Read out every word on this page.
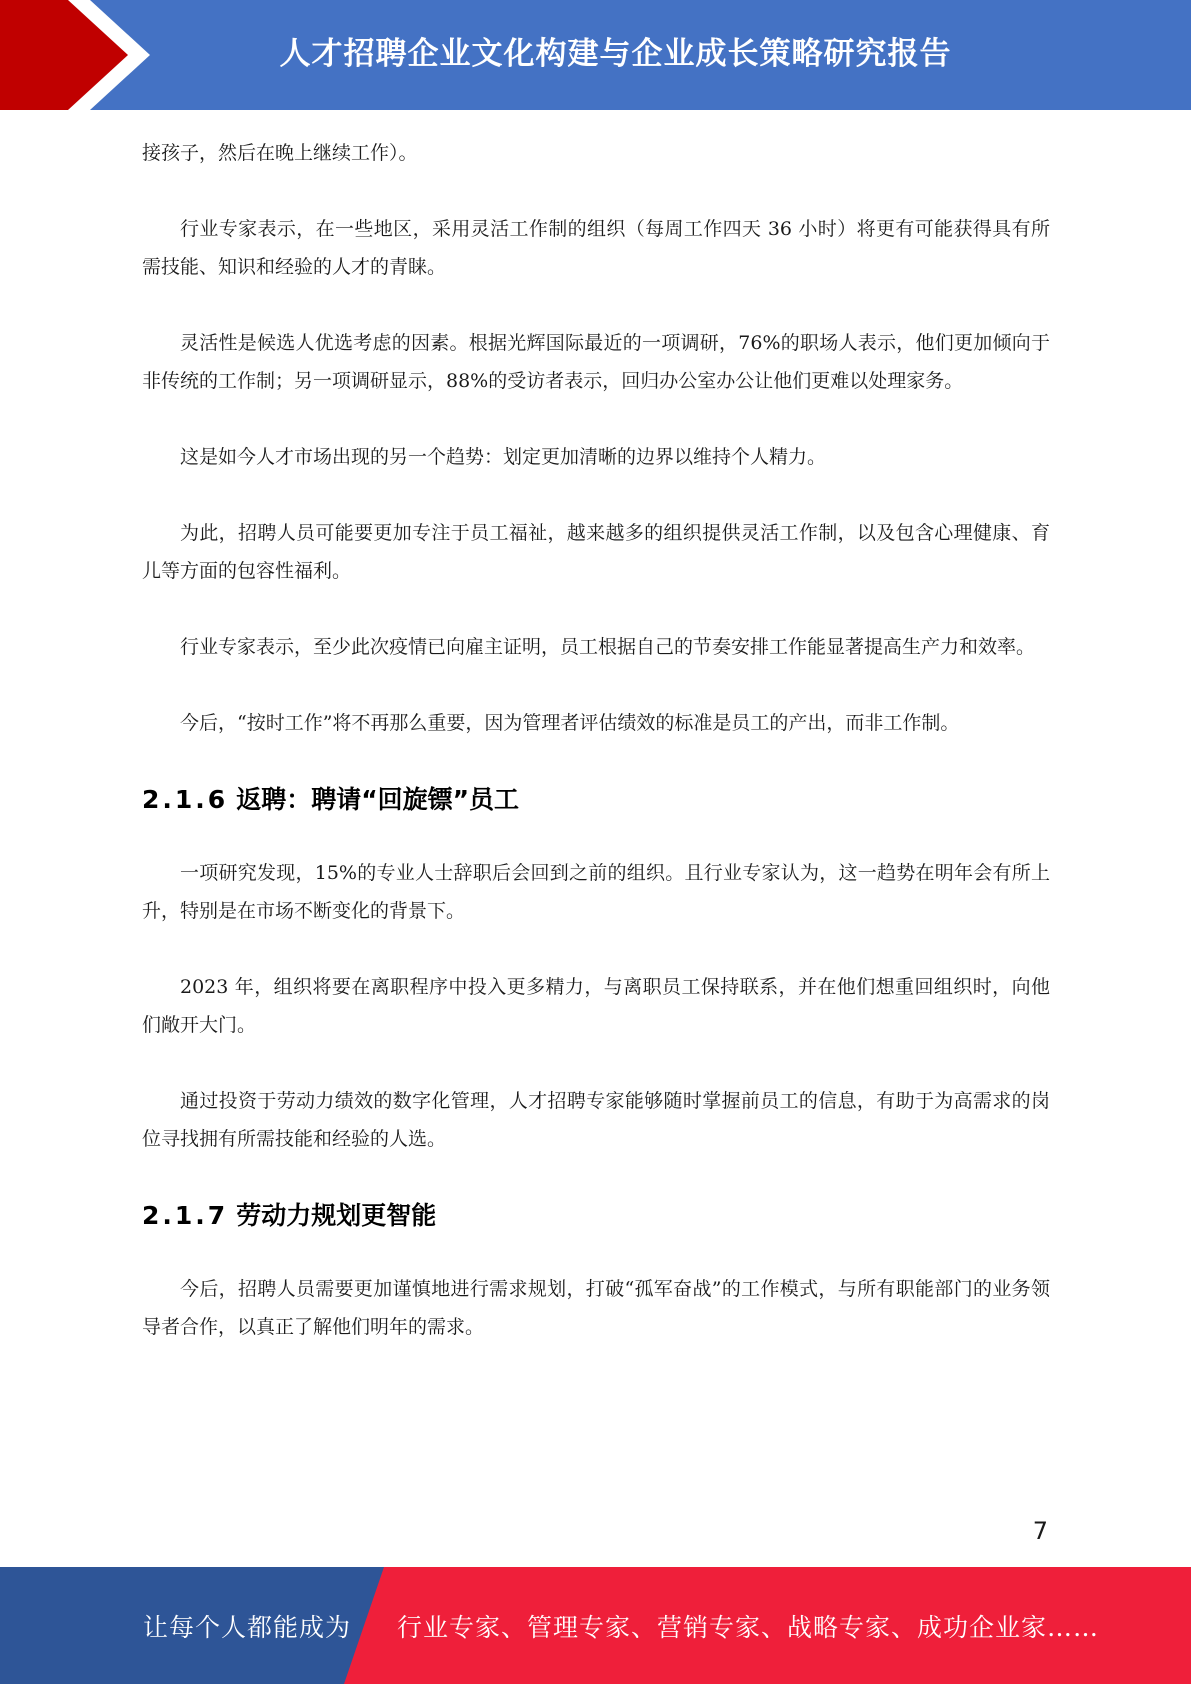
人才招聘企业文化构建与企业成长策略研究报告

接孩子，然后在晚上继续工作）。

行业专家表示，在一些地区，采用灵活工作制的组织（每周工作四天 36 小时）将更有可能获得具有所需技能、知识和经验的人才的青睐。

灵活性是候选人优选考虑的因素。根据光辉国际最近的一项调研，76%的职场人表示，他们更加倾向于非传统的工作制；另一项调研显示，88%的受访者表示，回归办公室办公让他们更难以处理家务。

这是如今人才市场出现的另一个趋势：划定更加清晰的边界以维持个人精力。

为此，招聘人员可能要更加专注于员工福祉，越来越多的组织提供灵活工作制，以及包含心理健康、育儿等方面的包容性福利。

行业专家表示，至少此次疫情已向雇主证明，员工根据自己的节奏安排工作能显著提高生产力和效率。

今后，“按时工作”将不再那么重要，因为管理者评估绩效的标准是员工的产出，而非工作制。

2.1.6 返聘：聘请“回旋镖”员工

一项研究发现，15%的专业人士辞职后会回到之前的组织。且行业专家认为，这一趋势在明年会有所上升，特别是在市场不断变化的背景下。

2023 年，组织将要在离职程序中投入更多精力，与离职员工保持联系，并在他们想重回组织时，向他们敞开大门。

通过投资于劳动力绩效的数字化管理，人才招聘专家能够随时掌握前员工的信息，有助于为高需求的岗位寻找拥有所需技能和经验的人选。

2.1.7 劳动力规划更智能

今后，招聘人员需要更加谨慎地进行需求规划，打破“孤军奋战”的工作模式，与所有职能部门的业务领导者合作，以真正了解他们明年的需求。

7
让每个人都能成为 行业专家、管理专家、营销专家、战略专家、成功企业家……
